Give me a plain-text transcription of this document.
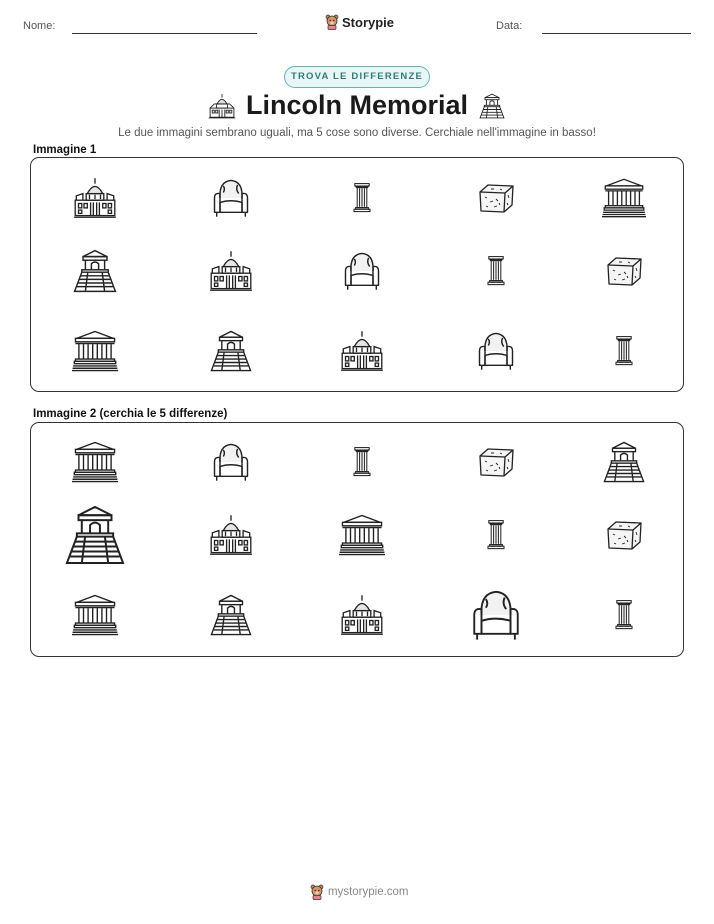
Nome:	Storypie	Data:
TROVA LE DIFFERENZE
Lincoln Memorial
Le due immagini sembrano uguali, ma 5 cose sono diverse. Cerchiale nell'immagine in basso!
Immagine 1
Immagine 2 (cerchia le 5 differenze)
mystorypie.com
